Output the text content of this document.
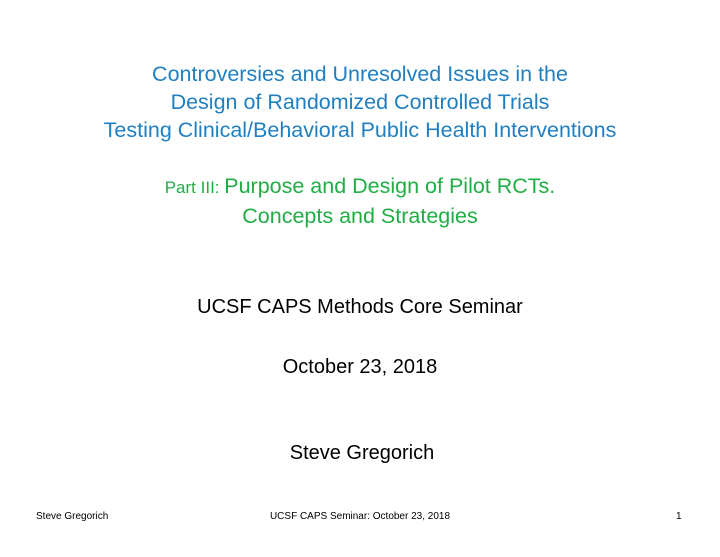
Controversies and Unresolved Issues in the
Design of Randomized Controlled Trials
Testing Clinical/Behavioral Public Health Interventions
Part III: Purpose and Design of Pilot RCTs.
Concepts and Strategies
UCSF CAPS Methods Core Seminar
October 23, 2018
Steve Gregorich
Steve Gregorich	UCSF CAPS Seminar: October 23, 2018	1
